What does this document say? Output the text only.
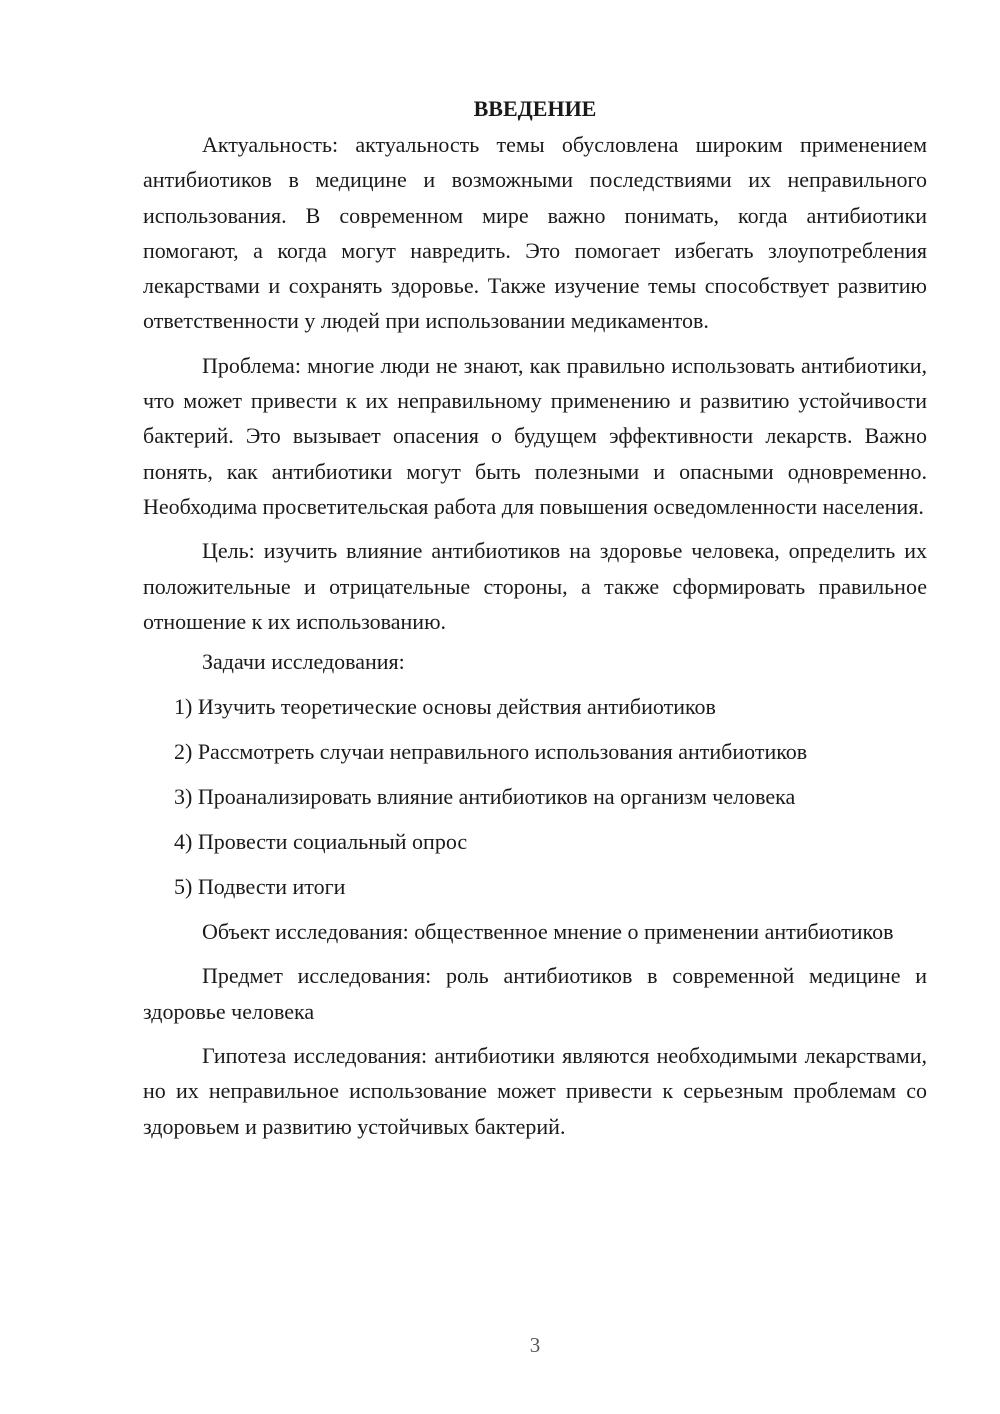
ВВЕДЕНИЕ

Актуальность: актуальность темы обусловлена широким применением антибиотиков в медицине и возможными последствиями их неправильного использования. В современном мире важно понимать, когда антибиотики помогают, а когда могут навредить. Это помогает избегать злоупотребления лекарствами и сохранять здоровье. Также изучение темы способствует развитию ответственности у людей при использовании медикаментов.

Проблема: многие люди не знают, как правильно использовать антибиотики, что может привести к их неправильному применению и развитию устойчивости бактерий. Это вызывает опасения о будущем эффективности лекарств. Важно понять, как антибиотики могут быть полезными и опасными одновременно. Необходима просветительская работа для повышения осведомленности населения.

Цель: изучить влияние антибиотиков на здоровье человека, определить их положительные и отрицательные стороны, а также сформировать правильное отношение к их использованию.

Задачи исследования:
1) Изучить теоретические основы действия антибиотиков
2) Рассмотреть случаи неправильного использования антибиотиков
3) Проанализировать влияние антибиотиков на организм человека
4) Провести социальный опрос
5) Подвести итоги

Объект исследования: общественное мнение о применении антибиотиков

Предмет исследования: роль антибиотиков в современной медицине и здоровье человека

Гипотеза исследования: антибиотики являются необходимыми лекарствами, но их неправильное использование может привести к серьезным проблемам со здоровьем и развитию устойчивых бактерий.

3
